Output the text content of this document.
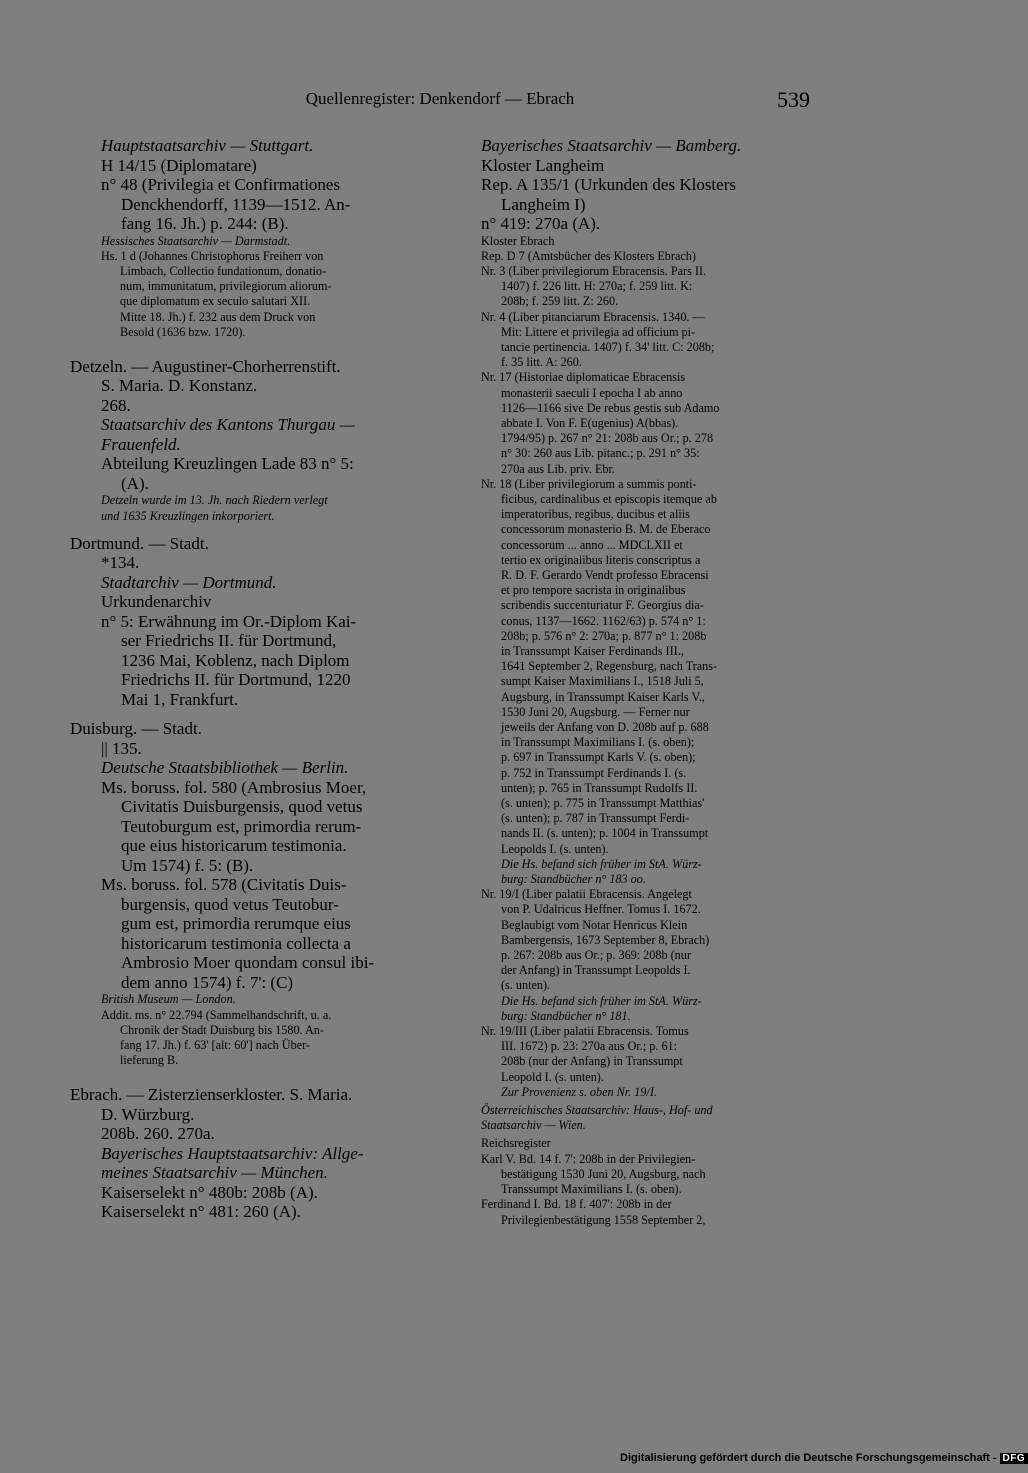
Quellenregister: Denkendorf — Ebrach	539
Hauptstaatsarchiv — Stuttgart.
H 14/15 (Diplomatare)
n° 48 (Privilegia et Confirmationes
Denckhendorff, 1139—1512. An-
fang 16. Jh.) p. 244: (B).
Hessisches Staatsarchiv — Darmstadt.
Hs. 1 d (Johannes Christophorus Freiherr von
Limbach, Collectio fundationum, donatio-
num, immunitatum, privilegiorum aliorum-
que diplomatum ex seculo salutari XII.
Mitte 18. Jh.) f. 232 aus dem Druck von
Besold (1636 bzw. 1720).
Detzeln. — Augustiner-Chorherrenstift.
S. Maria. D. Konstanz.
268.
Staatsarchiv des Kantons Thurgau —
Frauenfeld.
Abteilung Kreuzlingen Lade 83 n° 5:
(A).
Detzeln wurde im 13. Jh. nach Riedern verlegt
und 1635 Kreuzlingen inkorporiert.
Dortmund. — Stadt.
*134.
Stadtarchiv — Dortmund.
Urkundenarchiv
n° 5: Erwähnung im Or.-Diplom Kai-
ser Friedrichs II. für Dortmund,
1236 Mai, Koblenz, nach Diplom
Friedrichs II. für Dortmund, 1220
Mai 1, Frankfurt.
Duisburg. — Stadt.
|| 135.
Deutsche Staatsbibliothek — Berlin.
Ms. boruss. fol. 580 (Ambrosius Moer,
Civitatis Duisburgensis, quod vetus
Teutoburgum est, primordia rerum-
que eius historicarum testimonia.
Um 1574) f. 5: (B).
Ms. boruss. fol. 578 (Civitatis Duis-
burgensis, quod vetus Teutobur-
gum est, primordia rerumque eius
historicarum testimonia collecta a
Ambrosio Moer quondam consul ibi-
dem anno 1574) f. 7': (C)
British Museum — London.
Addit. ms. n° 22.794 (Sammelhandschrift, u. a.
Chronik der Stadt Duisburg bis 1580. An-
fang 17. Jh.) f. 63' [alt: 60'] nach Über-
lieferung B.
Ebrach. — Zisterzienserkloster. S. Maria.
D. Würzburg.
208b. 260. 270a.
Bayerisches Hauptstaatsarchiv: Allge-
meines Staatsarchiv — München.
Kaiserselekt n° 480b: 208b (A).
Kaiserselekt n° 481: 260 (A).
Bayerisches Staatsarchiv — Bamberg.
Kloster Langheim
Rep. A 135/1 (Urkunden des Klosters
Langheim I)
n° 419: 270a (A).
Kloster Ebrach
Rep. D 7 (Amtsbücher des Klosters Ebrach)
Nr. 3 (Liber privilegiorum Ebracensis. Pars II.
1407) f. 226 litt. H: 270a; f. 259 litt. K:
208b; f. 259 litt. Z: 260.
Nr. 4 (Liber pitanciarum Ebracensis. 1340. —
Mit: Littere et privilegia ad officium pi-
tancie pertinencia. 1407) f. 34' litt. C: 208b;
f. 35 litt. A: 260.
Nr. 17 (Historiae diplomaticae Ebracensis
monasterii saeculi I epocha I ab anno
1126—1166 sive De rebus gestis sub Adamo
abbate I. Von F. E(ugenius) A(bbas).
1794/95) p. 267 n° 21: 208b aus Or.; p. 278
n° 30: 260 aus Lib. pitanc.; p. 291 n° 35:
270a aus Lib. priv. Ebr.
Nr. 18 (Liber privilegiorum a summis ponti-
ficibus, cardinalibus et episcopis itemque ab
imperatoribus, regibus, ducibus et aliis
concessorum monasterio B. M. de Eberaco
concessorum ... anno ... MDCLXII et
tertio ex originalibus literis conscriptus a
R. D. F. Gerardo Vendt professo Ebracensi
et pro tempore sacrista in originalibus
scribendis succenturiatur F. Georgius dia-
conus, 1137—1662. 1162/63) p. 574 n° 1:
208b; p. 576 n° 2: 270a; p. 877 n° 1: 208b
in Transsumpt Kaiser Ferdinands III.,
1641 September 2, Regensburg, nach Trans-
sumpt Kaiser Maximilians I., 1518 Juli 5,
Augsburg, in Transsumpt Kaiser Karls V.,
1530 Juni 20, Augsburg. — Ferner nur
jeweils der Anfang von D. 208b auf p. 688
in Transsumpt Maximilians I. (s. oben);
p. 697 in Transsumpt Karls V. (s. oben);
p. 752 in Transsumpt Ferdinands I. (s.
unten); p. 765 in Transsumpt Rudolfs II.
(s. unten); p. 775 in Transsumpt Matthias'
(s. unten); p. 787 in Transsumpt Ferdi-
nands II. (s. unten); p. 1004 in Transsumpt
Leopolds I. (s. unten).
Die Hs. befand sich früher im StA. Würz-
burg: Standbücher n° 183 oo.
Nr. 19/I (Liber palatii Ebracensis. Angelegt
von P. Udalricus Heffner. Tomus I. 1672.
Beglaubigt vom Notar Henricus Klein
Bambergensis, 1673 September 8, Ebrach)
p. 267: 208b aus Or.; p. 369: 208b (nur
der Anfang) in Transsumpt Leopolds I.
(s. unten).
Die Hs. befand sich früher im StA. Würz-
burg: Standbücher n° 181.
Nr. 19/III (Liber palatii Ebracensis. Tomus
III. 1672) p. 23: 270a aus Or.; p. 61:
208b (nur der Anfang) in Transsumpt
Leopold I. (s. unten).
Zur Provenienz s. oben Nr. 19/I.
Österreichisches Staatsarchiv: Haus-, Hof- und
Staatsarchiv — Wien.
Reichsregister
Karl V. Bd. 14 f. 7': 208b in der Privilegien-
bestätigung 1530 Juni 20, Augsburg, nach
Transsumpt Maximilians I. (s. oben).
Ferdinand I. Bd. 18 f. 407': 208b in der
Privilegienbestätigung 1558 September 2,
Digitalisierung gefördert durch die Deutsche Forschungsgemeinschaft - DFG
